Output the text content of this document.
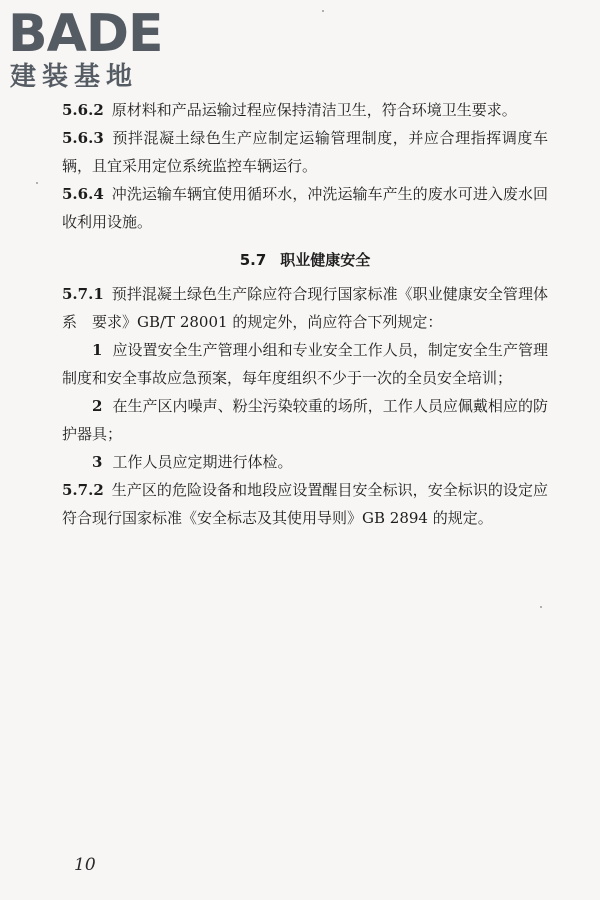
BADE
建装基地

5.6.2 原材料和产品运输过程应保持清洁卫生，符合环境卫生要求。

5.6.3 预拌混凝土绿色生产应制定运输管理制度，并应合理指挥调度车辆，且宜采用定位系统监控车辆运行。

5.6.4 冲洗运输车辆宜使用循环水，冲洗运输车产生的废水可进入废水回收利用设施。

5.7 职业健康安全

5.7.1 预拌混凝土绿色生产除应符合现行国家标准《职业健康安全管理体系　要求》GB/T 28001 的规定外，尚应符合下列规定：

1 应设置安全生产管理小组和专业安全工作人员，制定安全生产管理制度和安全事故应急预案，每年度组织不少于一次的全员安全培训；

2 在生产区内噪声、粉尘污染较重的场所，工作人员应佩戴相应的防护器具；

3 工作人员应定期进行体检。

5.7.2 生产区的危险设备和地段应设置醒目安全标识，安全标识的设定应符合现行国家标准《安全标志及其使用导则》GB 2894 的规定。

10
